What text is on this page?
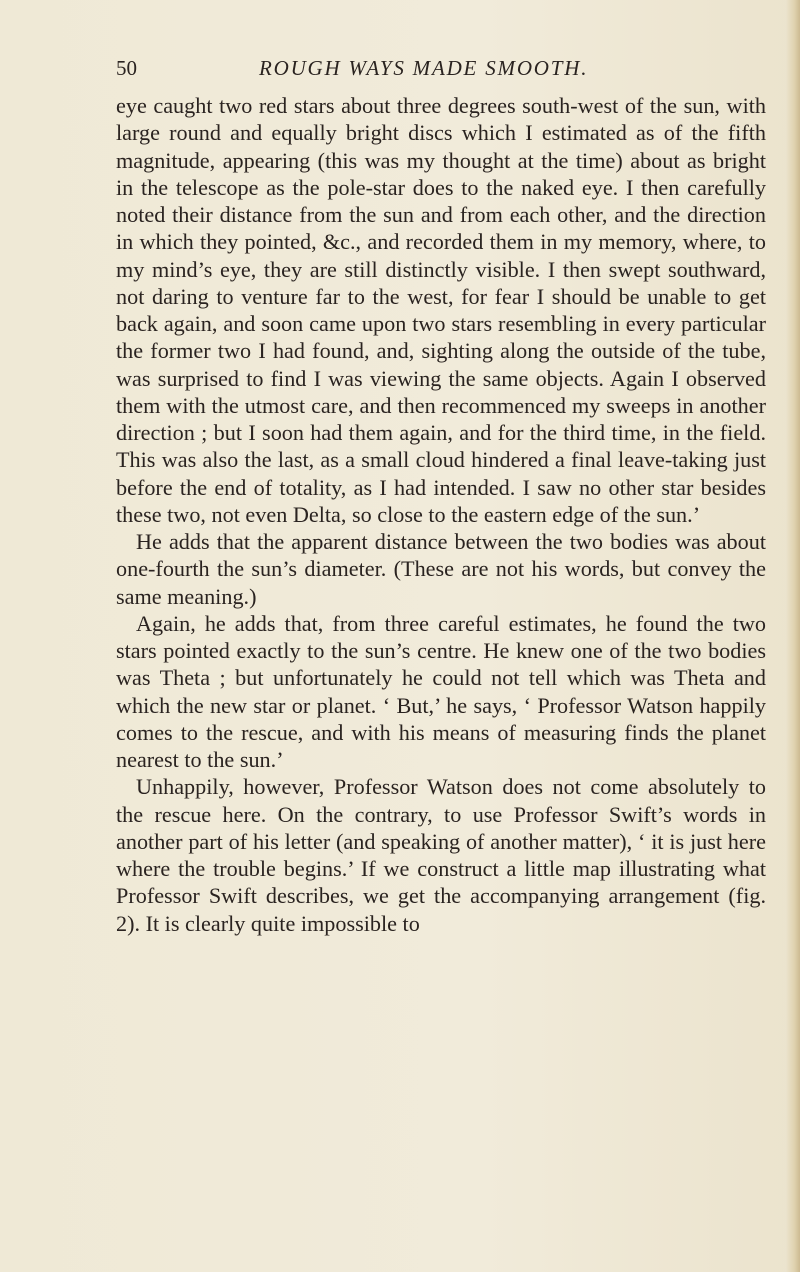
50	ROUGH WAYS MADE SMOOTH.

eye caught two red stars about three degrees south-west of the sun, with large round and equally bright discs which I estimated as of the fifth magnitude, appearing (this was my thought at the time) about as bright in the telescope as the pole-star does to the naked eye. I then carefully noted their distance from the sun and from each other, and the direction in which they pointed, &c., and recorded them in my memory, where, to my mind’s eye, they are still distinctly visible. I then swept southward, not daring to venture far to the west, for fear I should be unable to get back again, and soon came upon two stars resembling in every particular the former two I had found, and, sighting along the outside of the tube, was surprised to find I was viewing the same objects. Again I observed them with the utmost care, and then recommenced my sweeps in another direction ; but I soon had them again, and for the third time, in the field. This was also the last, as a small cloud hindered a final leave-taking just before the end of totality, as I had intended. I saw no other star besides these two, not even Delta, so close to the eastern edge of the sun.’

He adds that the apparent distance between the two bodies was about one-fourth the sun’s diameter. (These are not his words, but convey the same meaning.)

Again, he adds that, from three careful estimates, he found the two stars pointed exactly to the sun’s centre. He knew one of the two bodies was Theta ; but unfortunately he could not tell which was Theta and which the new star or planet. ‘ But,’ he says, ‘ Professor Watson happily comes to the rescue, and with his means of measuring finds the planet nearest to the sun.’

Unhappily, however, Professor Watson does not come absolutely to the rescue here. On the contrary, to use Professor Swift’s words in another part of his letter (and speaking of another matter), ‘ it is just here where the trouble begins.’ If we construct a little map illustrating what Professor Swift describes, we get the accompanying arrangement (fig. 2). It is clearly quite impossible to
